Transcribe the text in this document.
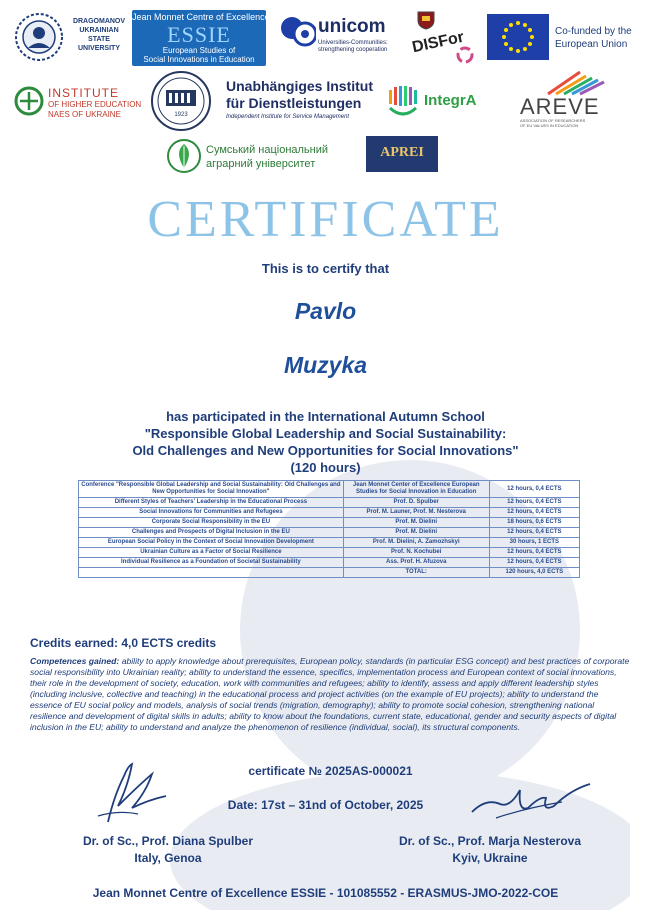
DRAGOMANOV
UKRAINIAN
STATE
UNIVERSITY
Jean Monnet Centre of Excellence
ESSIE
European Studies of
Social Innovations in Education
unicom
Universities-Communities:
strengthening cooperation DISFor	Co-funded by the
European Union
INSTITUTE
OF HIGHER EDUCATION
NAES OF UKRAINE	1923
Unabhängiges Institut
für Dienstleistungen
Independent Institute for Service Management
IntegrA AREVE
ASSOCIATION OF RESEARCHERS
OF EU VALUES IN EDUCATION
Сумський національний
аграрний університет
APREI
CERTIFICATE
This is to certify that
Pavlo
Muzyka
has participated in the International Autumn School
"Responsible Global Leadership and Social Sustainability:
Old Challenges and New Opportunities for Social Innovations"
(120 hours)
Conference "Responsible Global Leadership and Social Sustainability: Old Challenges and New Opportunities for Social Innovation"	Jean Monnet Center of Excellence European Studies for Social Innovation in Education	12 hours, 0,4 ECTS
Different Styles of Teachers' Leadership in the Educational Process	Prof. D. Spulber	12 hours, 0,4 ECTS
Social Innovations for Communities and Refugees	Prof. M. Launer, Prof. M. Nesterova	12 hours, 0,4 ECTS
Corporate Social Responsibility in the EU	Prof. M. Dielini	18 hours, 0,6 ECTS
Challenges and Prospects of Digital Inclusion in the EU	Prof. M. Dielini	12 hours, 0,4 ECTS
European Social Policy in the Context of Social Innovation Development	Prof. M. Dielini, A. Zamozhskyi	30 hours, 1 ECTS
Ukrainian Culture as a Factor of Social Resilience	Prof. N. Kochubei	12 hours, 0,4 ECTS
Individual Resilience as a Foundation of Societal Sustainability	Ass. Prof. H. Afuzova	12 hours, 0,4 ECTS
	TOTAL:	120 hours, 4,0 ECTS
Credits earned: 4,0 ECTS credits
Competences gained: ability to apply knowledge about prerequisites, European policy, standards (in particular ESG concept) and best practices of corporate social responsibility into Ukrainian reality; ability to understand the essence, specifics, implementation process and European context of social innovations, their role in the development of society, education, work with communities and refugees; ability to identify, assess and apply different leadership styles (including inclusive, collective and teaching) in the educational process and project activities (on the example of EU projects); ability to understand the essence of EU social policy and models, analysis of social trends (migration, demography); ability to promote social cohesion, strengthening national resilience and development of digital skills in adults; ability to know about the foundations, current state, educational, gender and security aspects of digital inclusion in the EU; ability to understand and analyze the phenomenon of resilience (individual, social), its structural components.
certificate № 2025AS-000021
Date: 17st – 31nd of October, 2025
Dr. of Sc., Prof. Diana Spulber
Italy, Genoa
Dr. of Sc., Prof. Marja Nesterova
Kyiv, Ukraine
Jean Monnet Centre of Excellence ESSIE - 101085552 - ERASMUS-JMO-2022-COE
